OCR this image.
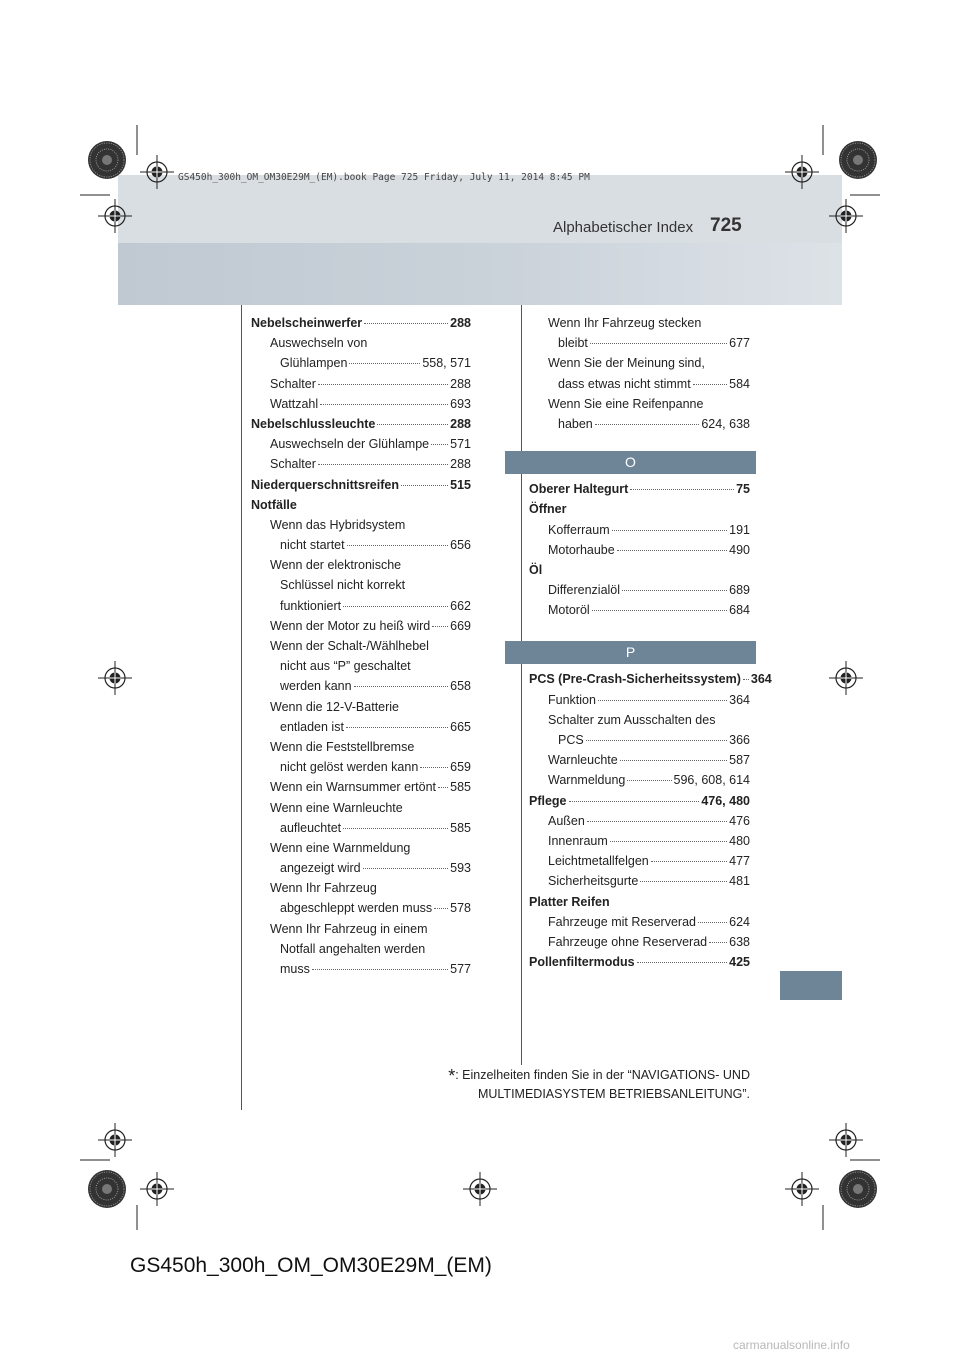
GS450h_300h_OM_OM30E29M_(EM).book Page 725 Friday, July 11, 2014 8:45 PM
Alphabetischer Index 725
Nebelscheinwerfer	288
Auswechseln von
Glühlampen	558, 571
Schalter	288
Wattzahl	693
Nebelschlussleuchte	288
Auswechseln der Glühlampe 571
Schalter	288
Niederquerschnittsreifen	515
Notfälle
Wenn das Hybridsystem
nicht startet	656
Wenn der elektronische
Schlüssel nicht korrekt
funktioniert	662
Wenn der Motor zu heiß wird 669
Wenn der Schalt-/Wählhebel
nicht aus “P” geschaltet
werden kann	658
Wenn die 12-V-Batterie
entladen ist	665
Wenn die Feststellbremse
nicht gelöst werden kann	659
Wenn ein Warnsummer ertönt 585
Wenn eine Warnleuchte
aufleuchtet	585
Wenn eine Warnmeldung
angezeigt wird	593
Wenn Ihr Fahrzeug
abgeschleppt werden muss 578
Wenn Ihr Fahrzeug in einem
Notfall angehalten werden
muss	577
Wenn Ihr Fahrzeug stecken
bleibt	677
Wenn Sie der Meinung sind,
dass etwas nicht stimmt	584
Wenn Sie eine Reifenpanne
haben	624, 638
O
Oberer Haltegurt	75
Öffner
Kofferraum	191
Motorhaube	490
Öl
Differenzialöl	689
Motoröl	684
P
PCS (Pre-Crash-Sicherheitssystem) 364
Funktion	364
Schalter zum Ausschalten des
PCS	366
Warnleuchte	587
Warnmeldung	596, 608, 614
Pflege	476, 480
Außen	476
Innenraum	480
Leichtmetallfelgen	477
Sicherheitsgurte	481
Platter Reifen
Fahrzeuge mit Reserverad	624
Fahrzeuge ohne Reserverad 638
Pollenfiltermodus	425
*: Einzelheiten finden Sie in der “NAVIGATIONS- UND
MULTIMEDIASYSTEM BETRIEBSANLEITUNG”.
GS450h_300h_OM_OM30E29M_(EM)
carmanualsonline.info
